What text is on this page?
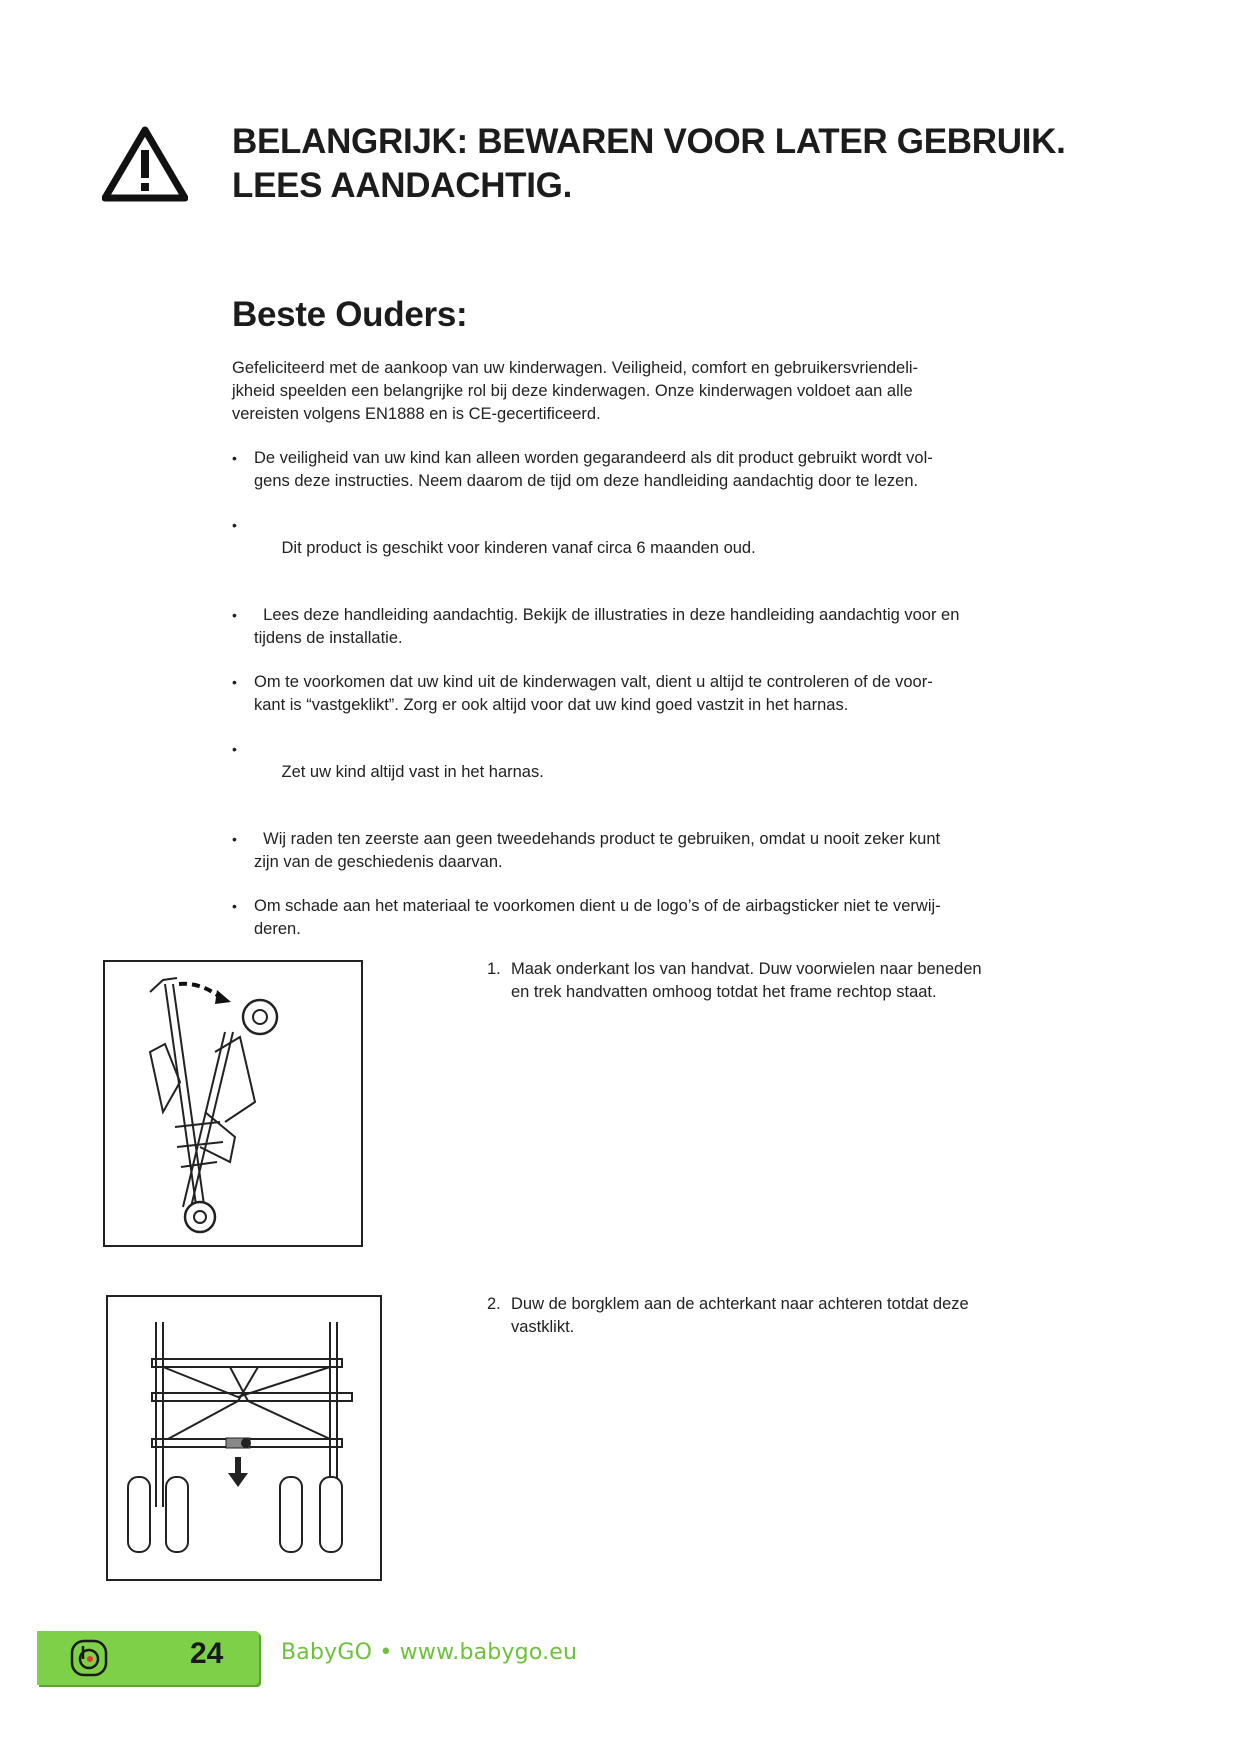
BELANGRIJK: BEWAREN VOOR LATER GEBRUIK.
LEES AANDACHTIG.
Beste Ouders:

Gefeliciteerd met de aankoop van uw kinderwagen. Veiligheid, comfort en gebruikersvriendeli-
jkheid speelden een belangrijke rol bij deze kinderwagen. Onze kinderwagen voldoet aan alle
vereisten volgens EN1888 en is CE-gecertificeerd.

• De veiligheid van uw kind kan alleen worden gegarandeerd als dit product gebruikt wordt vol-
gens deze instructies. Neem daarom de tijd om deze handleiding aandachtig door te lezen.

•   Dit product is geschikt voor kinderen vanaf circa 6 maanden oud.

•   Lees deze handleiding aandachtig. Bekijk de illustraties in deze handleiding aandachtig voor en
tijdens de installatie.
• Om te voorkomen dat uw kind uit de kinderwagen valt, dient u altijd te controleren of de voor-
kant is “vastgeklikt”. Zorg er ook altijd voor dat uw kind goed vastzit in het harnas.

•   Zet uw kind altijd vast in het harnas.

•   Wij raden ten zeerste aan geen tweedehands product te gebruiken, omdat u nooit zeker kunt
zijn van de geschiedenis daarvan.
• Om schade aan het materiaal te voorkomen dient u de logo’s of de airbagsticker niet te verwij-
deren.

1. Maak onderkant los van handvat. Duw voorwielen naar beneden
en trek handvatten omhoog totdat het frame rechtop staat.

2. Duw de borgklem aan de achterkant naar achteren totdat deze
vastklikt.

24	BabyGO • www.babygo.eu
